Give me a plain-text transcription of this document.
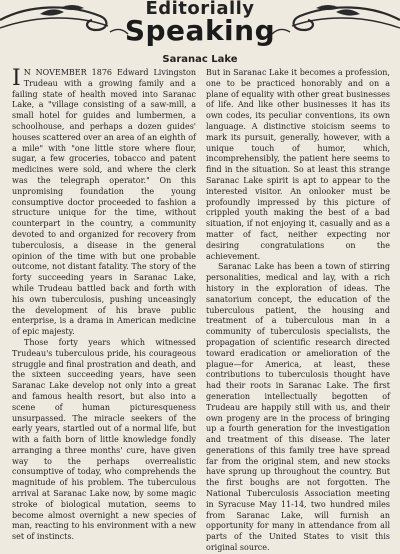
Editorially
Speaking
Saranac Lake

I N NOVEMBER 1876 Edward Livingston Trudeau with a growing family and a failing state of health moved into Saranac Lake, a "village consisting of a saw-mill, a small hotel for guides and lumbermen, a schoolhouse, and perhaps a dozen guides' houses scattered over an area of an eighth of a mile" with "one little store where flour, sugar, a few groceries, tobacco and patent medicines were sold, and where the clerk was the telegraph operator." On this unpromising foundation the young consumptive doctor proceeded to fashion a structure unique for the time, without counterpart in the country, a community devoted to and organized for recovery from tuberculosis, a disease in the general opinion of the time with but one probable outcome, not distant fatality. The story of the forty succeeding years in Saranac Lake, while Trudeau battled back and forth with his own tuberculosis, pushing unceasingly the development of his brave public enterprise, is a drama in American medicine of epic majesty.

Those forty years which witnessed Trudeau's tuberculous pride, his courageous struggle and final prostration and death, and the sixteen succeeding years, have seen Saranac Lake develop not only into a great and famous health resort, but also into a scene of human picturesqueness unsurpassed. The miracle seekers of the early years, startled out of a normal life, but with a faith born of little knowledge fondly arranging a three months' cure, have given way to the perhaps overrealistic consumptive of today, who comprehends the magnitude of his problem. The tuberculous arrival at Saranac Lake now, by some magic stroke of biological mutation, seems to become almost overnight a new species of man, reacting to his environment with a new set of instincts.

But in Saranac Lake it becomes a profession, one to be practiced honorably and on a plane of equality with other great businesses of life. And like other businesses it has its own codes, its peculiar conventions, its own language. A distinctive stoicism seems to mark its pursuit, generally, however, with a unique touch of humor, which, incomprehensibly, the patient here seems to find in the situation. So at least this strange Saranac Lake spirit is apt to appear to the interested visitor. An onlooker must be profoundly impressed by this picture of crippled youth making the best of a bad situation, if not enjoying it, casually and as a matter of fact, neither expecting nor desiring congratulations on the achievement.

Saranac Lake has been a town of stirring personalities, medical and lay, with a rich history in the exploration of ideas. The sanatorium concept, the education of the tuberculous patient, the housing and treatment of a tuberculous man in a community of tuberculosis specialists, the propagation of scientific research directed toward eradication or amelioration of the plague—for America, at least, these contributions to tuberculosis thought have had their roots in Saranac Lake. The first generation intellectually begotten of Trudeau are happily still with us, and their own progeny are in the process of bringing up a fourth generation for the investigation and treatment of this disease. The later generations of this family tree have spread far from the original stem, and new stocks have sprung up throughout the country. But the first boughs are not forgotten. The National Tuberculosis Association meeting in Syracuse May 11-14, two hundred miles from Saranac Lake, will furnish an opportunity for many in attendance from all parts of the United States to visit this original source.
